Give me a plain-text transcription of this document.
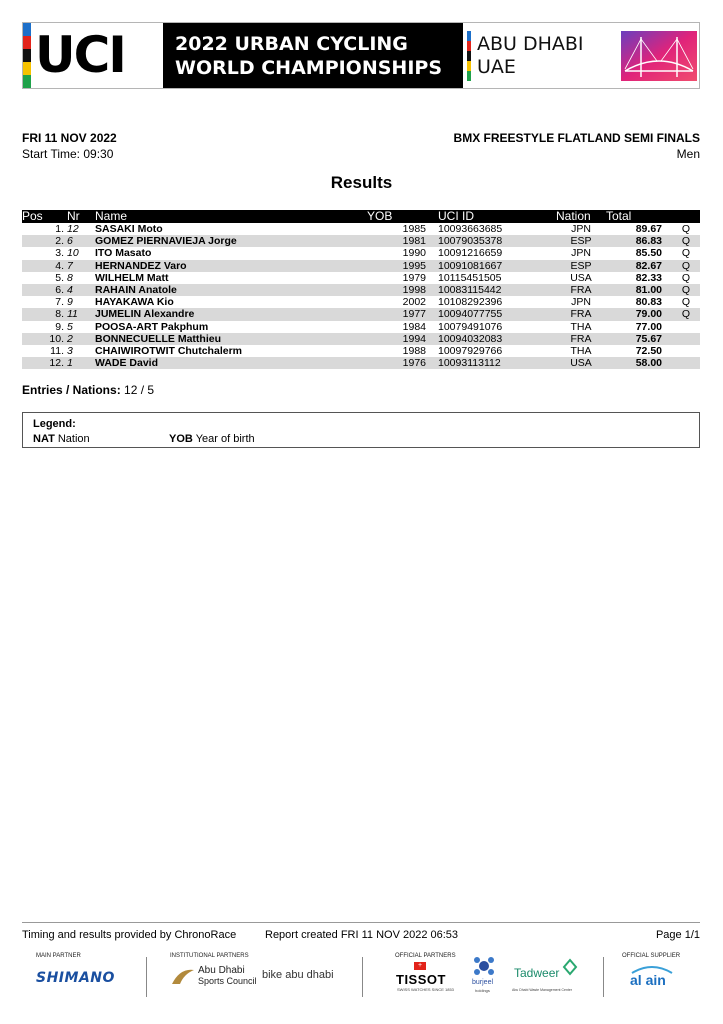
UCI	2022 URBAN CYCLING
WORLD CHAMPIONSHIPS
ABU DHABI
UAE
FRI 11 NOV 2022
Start Time: 09:30
BMX FREESTYLE FLATLAND SEMI FINALS
Men
Results
Pos	Nr	Name	YOB	UCI ID	Nation	Total	
1.	12	SASAKI Moto	1985	10093663685	JPN	89.67	Q
2.	6	GOMEZ PIERNAVIEJA Jorge	1981	10079035378	ESP	86.83	Q
3.	10	ITO Masato	1990	10091216659	JPN	85.50	Q
4.	7	HERNANDEZ Varo	1995	10091081667	ESP	82.67	Q
5.	8	WILHELM Matt	1979	10115451505	USA	82.33	Q
6.	4	RAHAIN Anatole	1998	10083115442	FRA	81.00	Q
7.	9	HAYAKAWA Kio	2002	10108292396	JPN	80.83	Q
8.	11	JUMELIN Alexandre	1977	10094077755	FRA	79.00	Q
9.	5	POOSA-ART Pakphum	1984	10079491076	THA	77.00	
10.	2	BONNECUELLE Matthieu	1994	10094032083	FRA	75.67	
11.	3	CHAIWIROTWIT Chutchalerm	1988	10097929766	THA	72.50	
12.	1	WADE David	1976	10093113112	USA	58.00	
Entries / Nations: 12 / 5
Legend:
NAT Nation	YOB Year of birth
Timing and results provided by ChronoRace	Report created FRI 11 NOV 2022 06:53	Page 1/1
MAIN PARTNER
SHIMANO
INSTITUTIONAL PARTNERS
Abu Dhabi
Sports Council bike abu dhabi
OFFICIAL PARTNERS
+
TISSOT
SWISS WATCHES SINCE 1853
burjeel
holdings
Tadweer
Abu Dhabi Waste Management Center
OFFICIAL SUPPLIER
al ain
